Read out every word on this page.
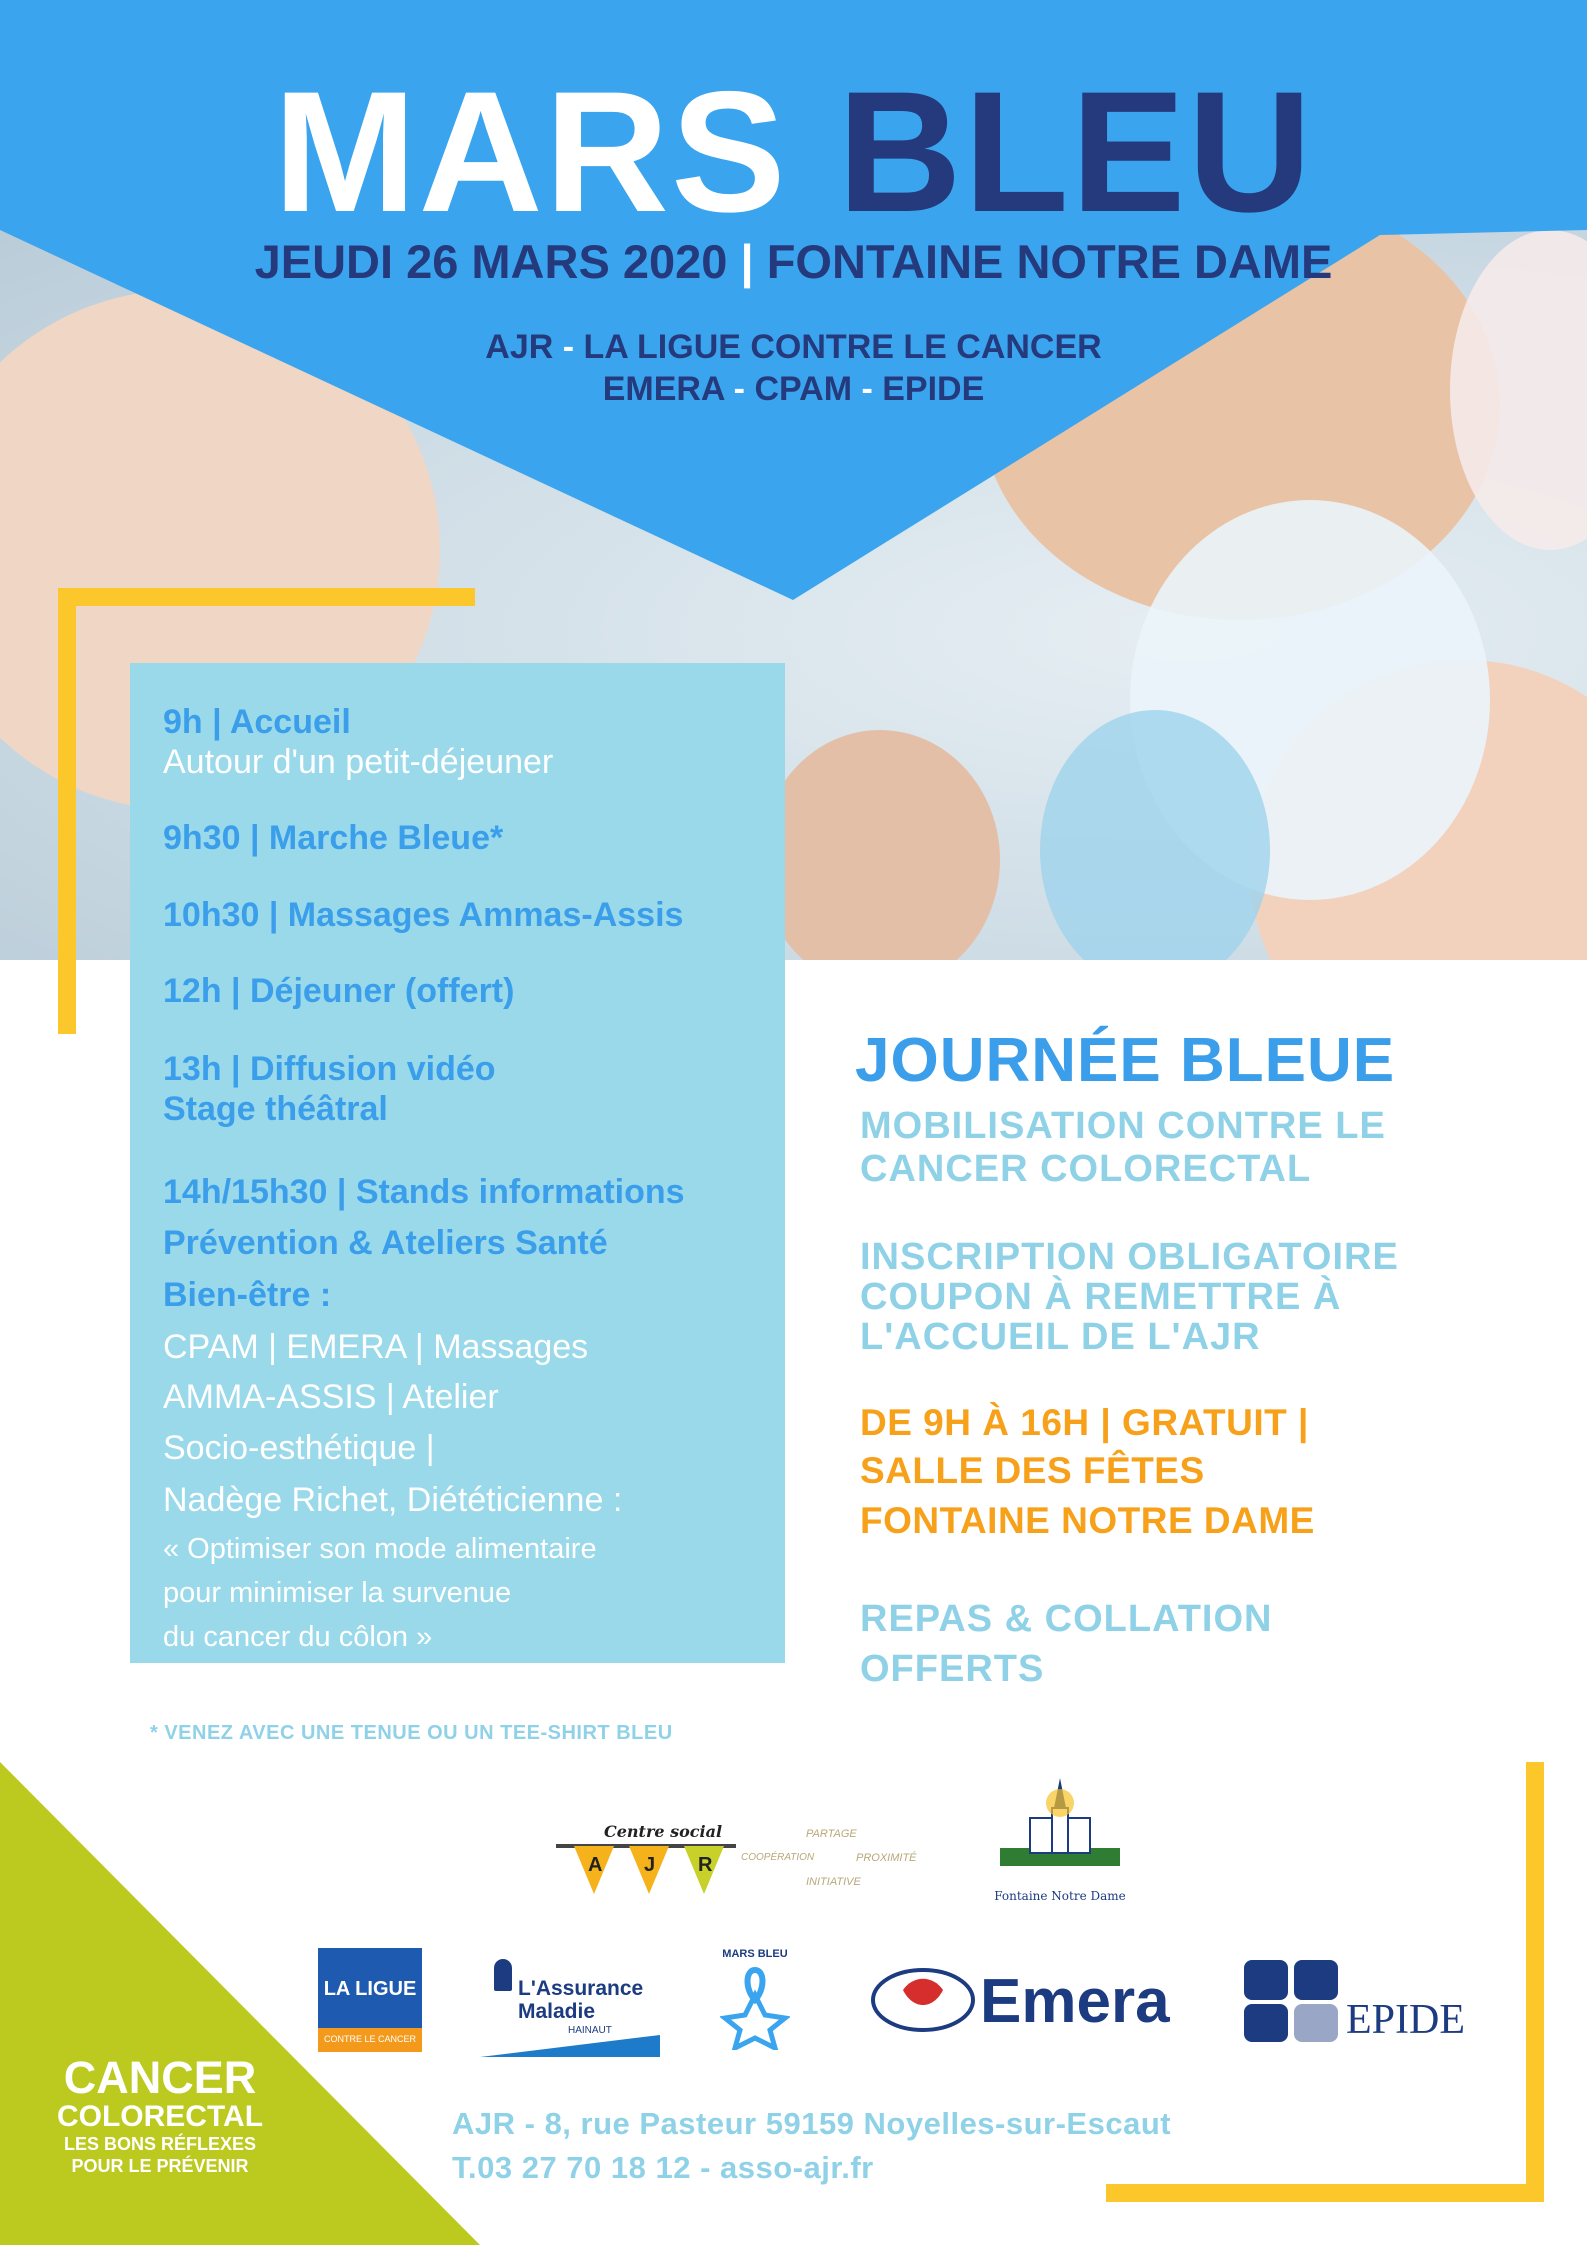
MARS BLEU
JEUDI 26 MARS 2020 | FONTAINE NOTRE DAME
AJR - LA LIGUE CONTRE LE CANCER
EMERA - CPAM - EPIDE
9h | Accueil
Autour d'un petit-déjeuner
9h30 | Marche Bleue*
10h30 | Massages Ammas-Assis
12h | Déjeuner (offert)
13h | Diffusion vidéo
Stage théâtral
14h/15h30 | Stands informations
Prévention & Ateliers Santé
Bien-être :
CPAM | EMERA | Massages
AMMA-ASSIS | Atelier
Socio-esthétique |
Nadège Richet, Diététicienne :
« Optimiser son mode alimentaire
pour minimiser la survenue
du cancer du côlon »
* VENEZ AVEC UNE TENUE OU UN TEE-SHIRT BLEU
JOURNÉE BLEUE
MOBILISATION CONTRE LE
CANCER COLORECTAL
INSCRIPTION OBLIGATOIRE
COUPON À REMETTRE À
L'ACCUEIL DE L'AJR
DE 9H À 16H | GRATUIT |
SALLE DES FÊTES
FONTAINE NOTRE DAME
REPAS & COLLATION
OFFERTS
CANCER
COLORECTAL
LES BONS RÉFLEXES
POUR LE PRÉVENIR
AJR - 8, rue Pasteur 59159 Noyelles-sur-Escaut
T.03 27 70 18 12 - asso-ajr.fr
Centre social
A J R
PARTAGE
COOPÉRATION	PROXIMITÉ
INITIATIVE
Fontaine Notre Dame
LA LIGUE
CONTRE LE CANCER
L'Assurance
Maladie
HAINAUT
MARS BLEU
Emera	EPIDE
